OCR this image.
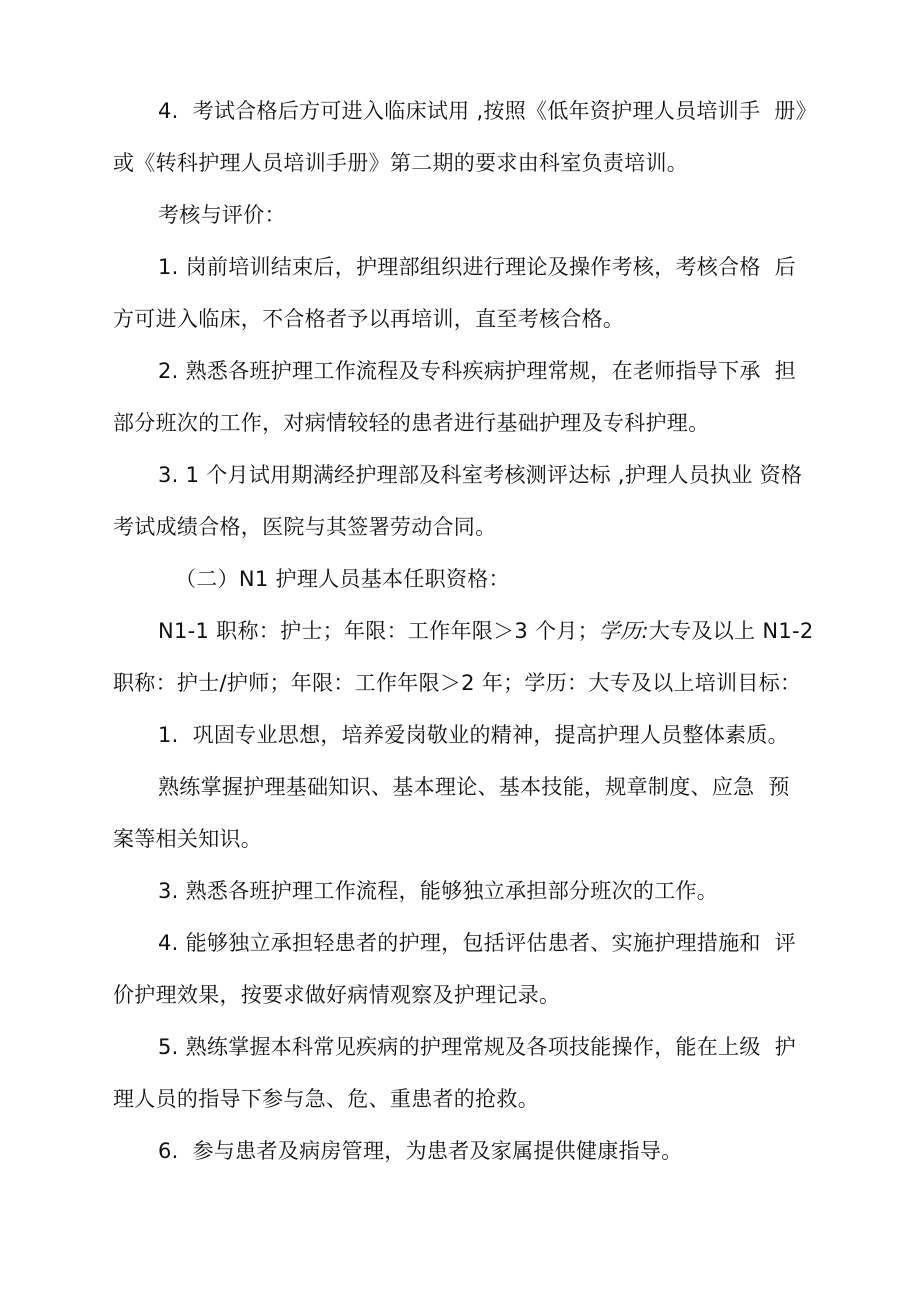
4.  考试合格后方可进入临床试用 ,按照《低年资护理人员培训手  册》
或《转科护理人员培训手册》第二期的要求由科室负责培训。
考核与评价：
1. 岗前培训结束后，护理部组织进行理论及操作考核，考核合格  后
方可进入临床，不合格者予以再培训，直至考核合格。
2. 熟悉各班护理工作流程及专科疾病护理常规，在老师指导下承  担
部分班次的工作，对病情较轻的患者进行基础护理及专科护理。
3. 1 个月试用期满经护理部及科室考核测评达标 ,护理人员执业 资格
考试成绩合格，医院与其签署劳动合同。
（二）N1 护理人员基本任职资格：
N1-1 职称：护士；年限：工作年限＞3 个月；学历:大专及以上 N1-2
职称：护士/护师；年限：工作年限＞2 年；学历：大专及以上培训目标：
1.  巩固专业思想，培养爱岗敬业的精神，提高护理人员整体素质。
熟练掌握护理基础知识、基本理论、基本技能，规章制度、应急  预
案等相关知识。
3. 熟悉各班护理工作流程，能够独立承担部分班次的工作。
4. 能够独立承担轻患者的护理，包括评估患者、实施护理措施和  评
价护理效果，按要求做好病情观察及护理记录。
5. 熟练掌握本科常见疾病的护理常规及各项技能操作，能在上级  护
理人员的指导下参与急、危、重患者的抢救。
6.  参与患者及病房管理，为患者及家属提供健康指导。
